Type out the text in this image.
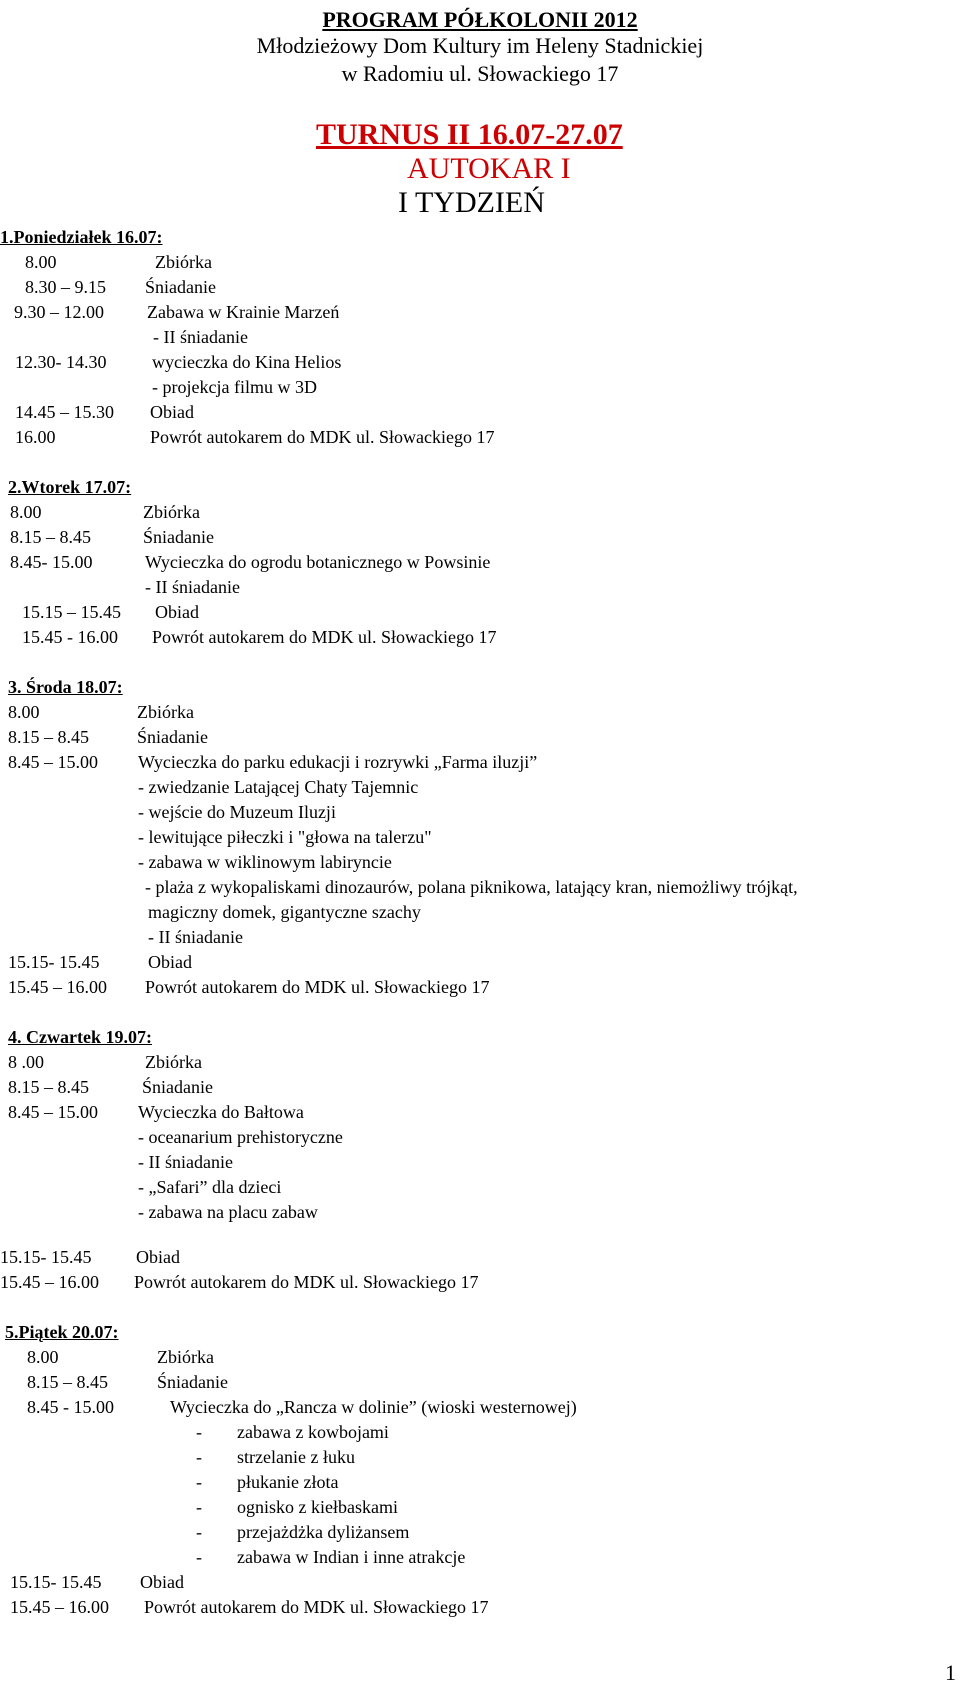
PROGRAM PÓŁKOLONII 2012
Młodzieżowy Dom Kultury im Heleny Stadnickiej
w Radomiu ul. Słowackiego 17
TURNUS II 16.07-27.07
AUTOKAR I
I TYDZIEŃ
1.Poniedziałek 16.07:
8.00	Zbiórka
8.30 – 9.15 Śniadanie
9.30 – 12.00 Zabawa w Krainie Marzeń
- II śniadanie
12.30- 14.30	wycieczka do Kina Helios
- projekcja filmu w 3D
14.45 – 15.30 Obiad
16.00	Powrót autokarem do MDK ul. Słowackiego 17
2.Wtorek 17.07:
8.00	Zbiórka
8.15 – 8.45	Śniadanie
8.45- 15.00	Wycieczka do ogrodu botanicznego w Powsinie
- II śniadanie
15.15 – 15.45 Obiad
15.45 - 16.00 Powrót autokarem do MDK ul. Słowackiego 17
3. Środa 18.07:
8.00	Zbiórka
8.15 – 8.45	Śniadanie
8.45 – 15.00 Wycieczka do parku edukacji i rozrywki „Farma iluzji”
- zwiedzanie Latającej Chaty Tajemnic
- wejście do Muzeum Iluzji
- lewitujące piłeczki i "głowa na talerzu"
- zabawa w wiklinowym labiryncie
- plaża z wykopaliskami dinozaurów, polana piknikowa, latający kran, niemożliwy trójkąt,
magiczny domek, gigantyczne szachy
- II śniadanie
15.15- 15.45	Obiad
15.45 – 16.00 Powrót autokarem do MDK ul. Słowackiego 17
4. Czwartek 19.07:
8 .00	Zbiórka
8.15 – 8.45	Śniadanie
8.45 – 15.00 Wycieczka do Bałtowa
- oceanarium prehistoryczne
- II śniadanie
- „Safari” dla dzieci
- zabawa na placu zabaw
15.15- 15.45 Obiad
15.45 – 16.00 Powrót autokarem do MDK ul. Słowackiego 17
5.Piątek 20.07:
8.00	Zbiórka
8.15 – 8.45	Śniadanie
8.45 - 15.00	Wycieczka do „Rancza w dolinie” (wioski westernowej)
- zabawa z kowbojami
- strzelanie z łuku
- płukanie złota
- ognisko z kiełbaskami
- przejażdżka dyliżansem
- zabawa w Indian i inne atrakcje
15.15- 15.45 Obiad
15.45 – 16.00 Powrót autokarem do MDK ul. Słowackiego 17
1
